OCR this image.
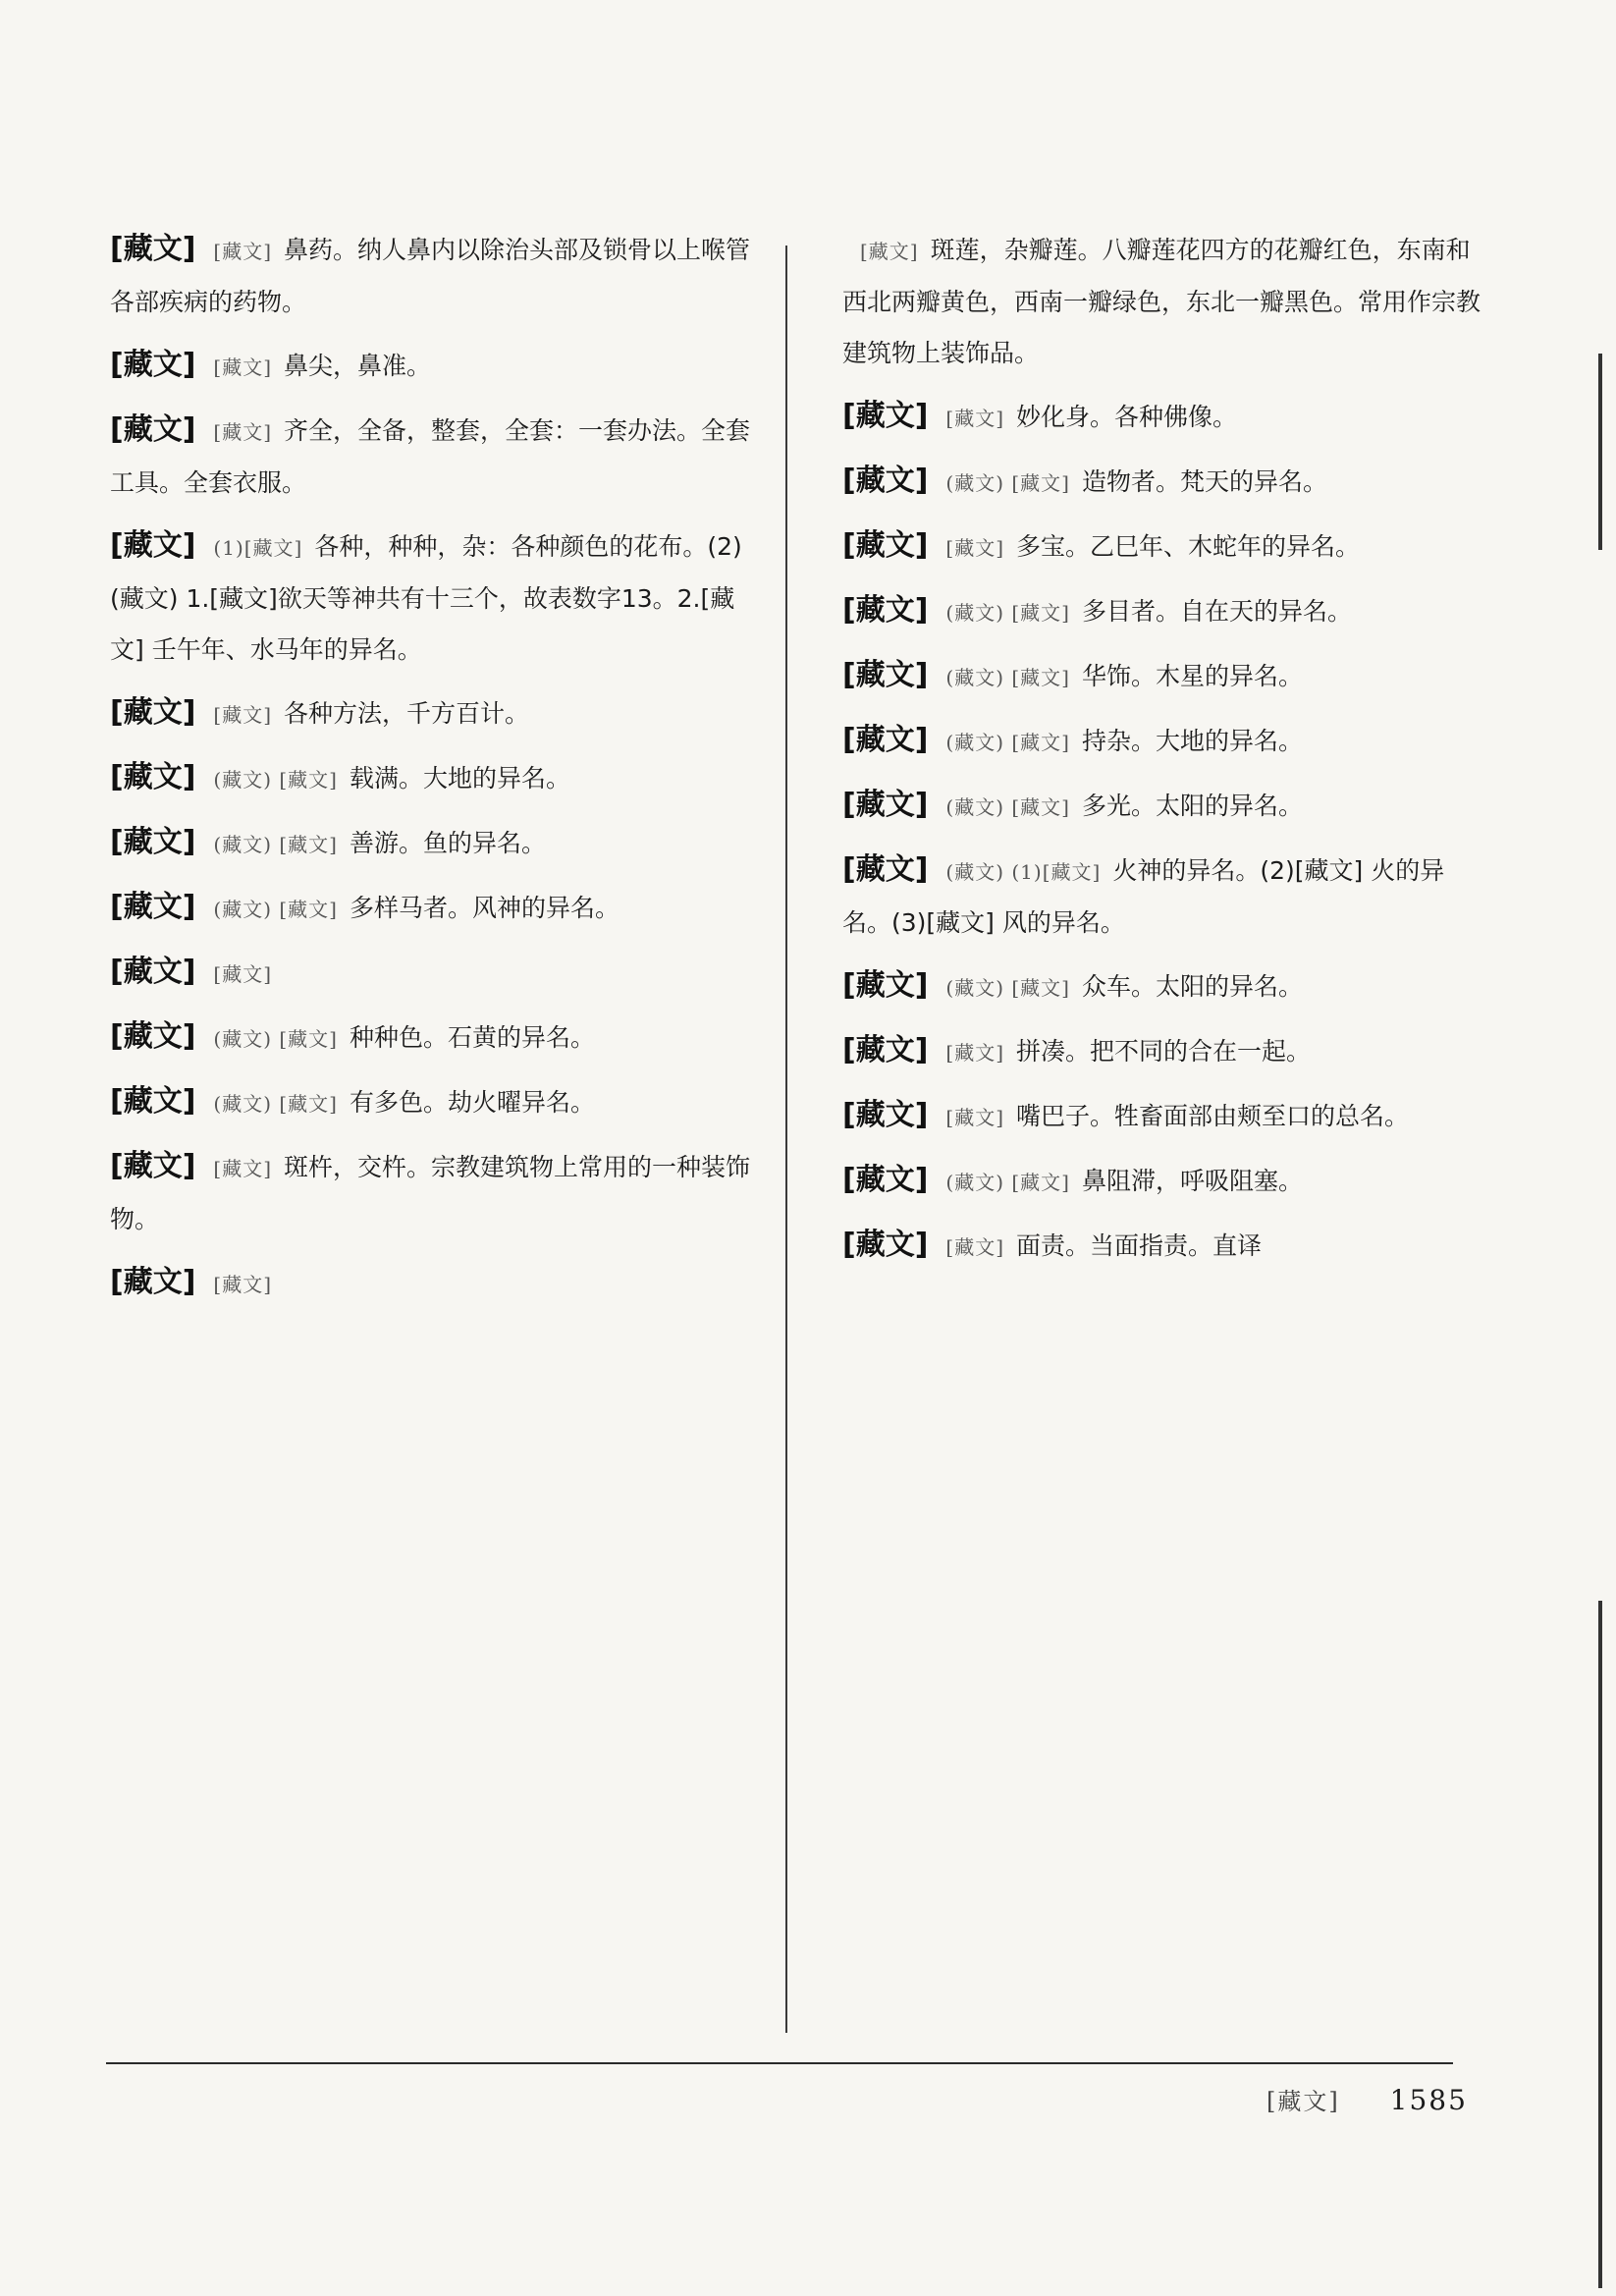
[藏文] [藏文] 鼻药。纳人鼻内以除治头部及锁骨以上喉管各部疾病的药物。
[藏文] [藏文] 鼻尖，鼻准。
[藏文] [藏文] 齐全，全备，整套，全套：一套办法。全套工具。全套衣服。
[藏文] (1)[藏文] 各种，种种，杂：各种颜色的花布。(2)(藏文) 1.[藏文]欲天等神共有十三个，故表数字13。2.[藏文] 壬午年、水马年的异名。
[藏文] [藏文] 各种方法，千方百计。
[藏文] (藏文) [藏文] 载满。大地的异名。
[藏文] (藏文) [藏文] 善游。鱼的异名。
[藏文] (藏文) [藏文] 多样马者。风神的异名。
[藏文] [藏文]
[藏文] (藏文) [藏文] 种种色。石黄的异名。
[藏文] (藏文) [藏文] 有多色。劫火曜异名。
[藏文] [藏文] 斑杵，交杵。宗教建筑物上常用的一种装饰物。
[藏文] [藏文]
[藏文] 斑莲，杂瓣莲。八瓣莲花四方的花瓣红色，东南和西北两瓣黄色，西南一瓣绿色，东北一瓣黑色。常用作宗教建筑物上装饰品。
[藏文] [藏文] 妙化身。各种佛像。
[藏文] (藏文) [藏文] 造物者。梵天的异名。
[藏文] [藏文] 多宝。乙巳年、木蛇年的异名。
[藏文] (藏文) [藏文] 多目者。自在天的异名。
[藏文] (藏文) [藏文] 华饰。木星的异名。
[藏文] (藏文) [藏文] 持杂。大地的异名。
[藏文] (藏文) [藏文] 多光。太阳的异名。
[藏文] (藏文) (1)[藏文] 火神的异名。(2)[藏文] 火的异名。(3)[藏文] 风的异名。
[藏文] (藏文) [藏文] 众车。太阳的异名。
[藏文] [藏文] 拼凑。把不同的合在一起。
[藏文] [藏文] 嘴巴子。牲畜面部由颊至口的总名。
[藏文] (藏文) [藏文] 鼻阻滞，呼吸阻塞。
[藏文] [藏文] 面责。当面指责。直译
[藏文] 1585
